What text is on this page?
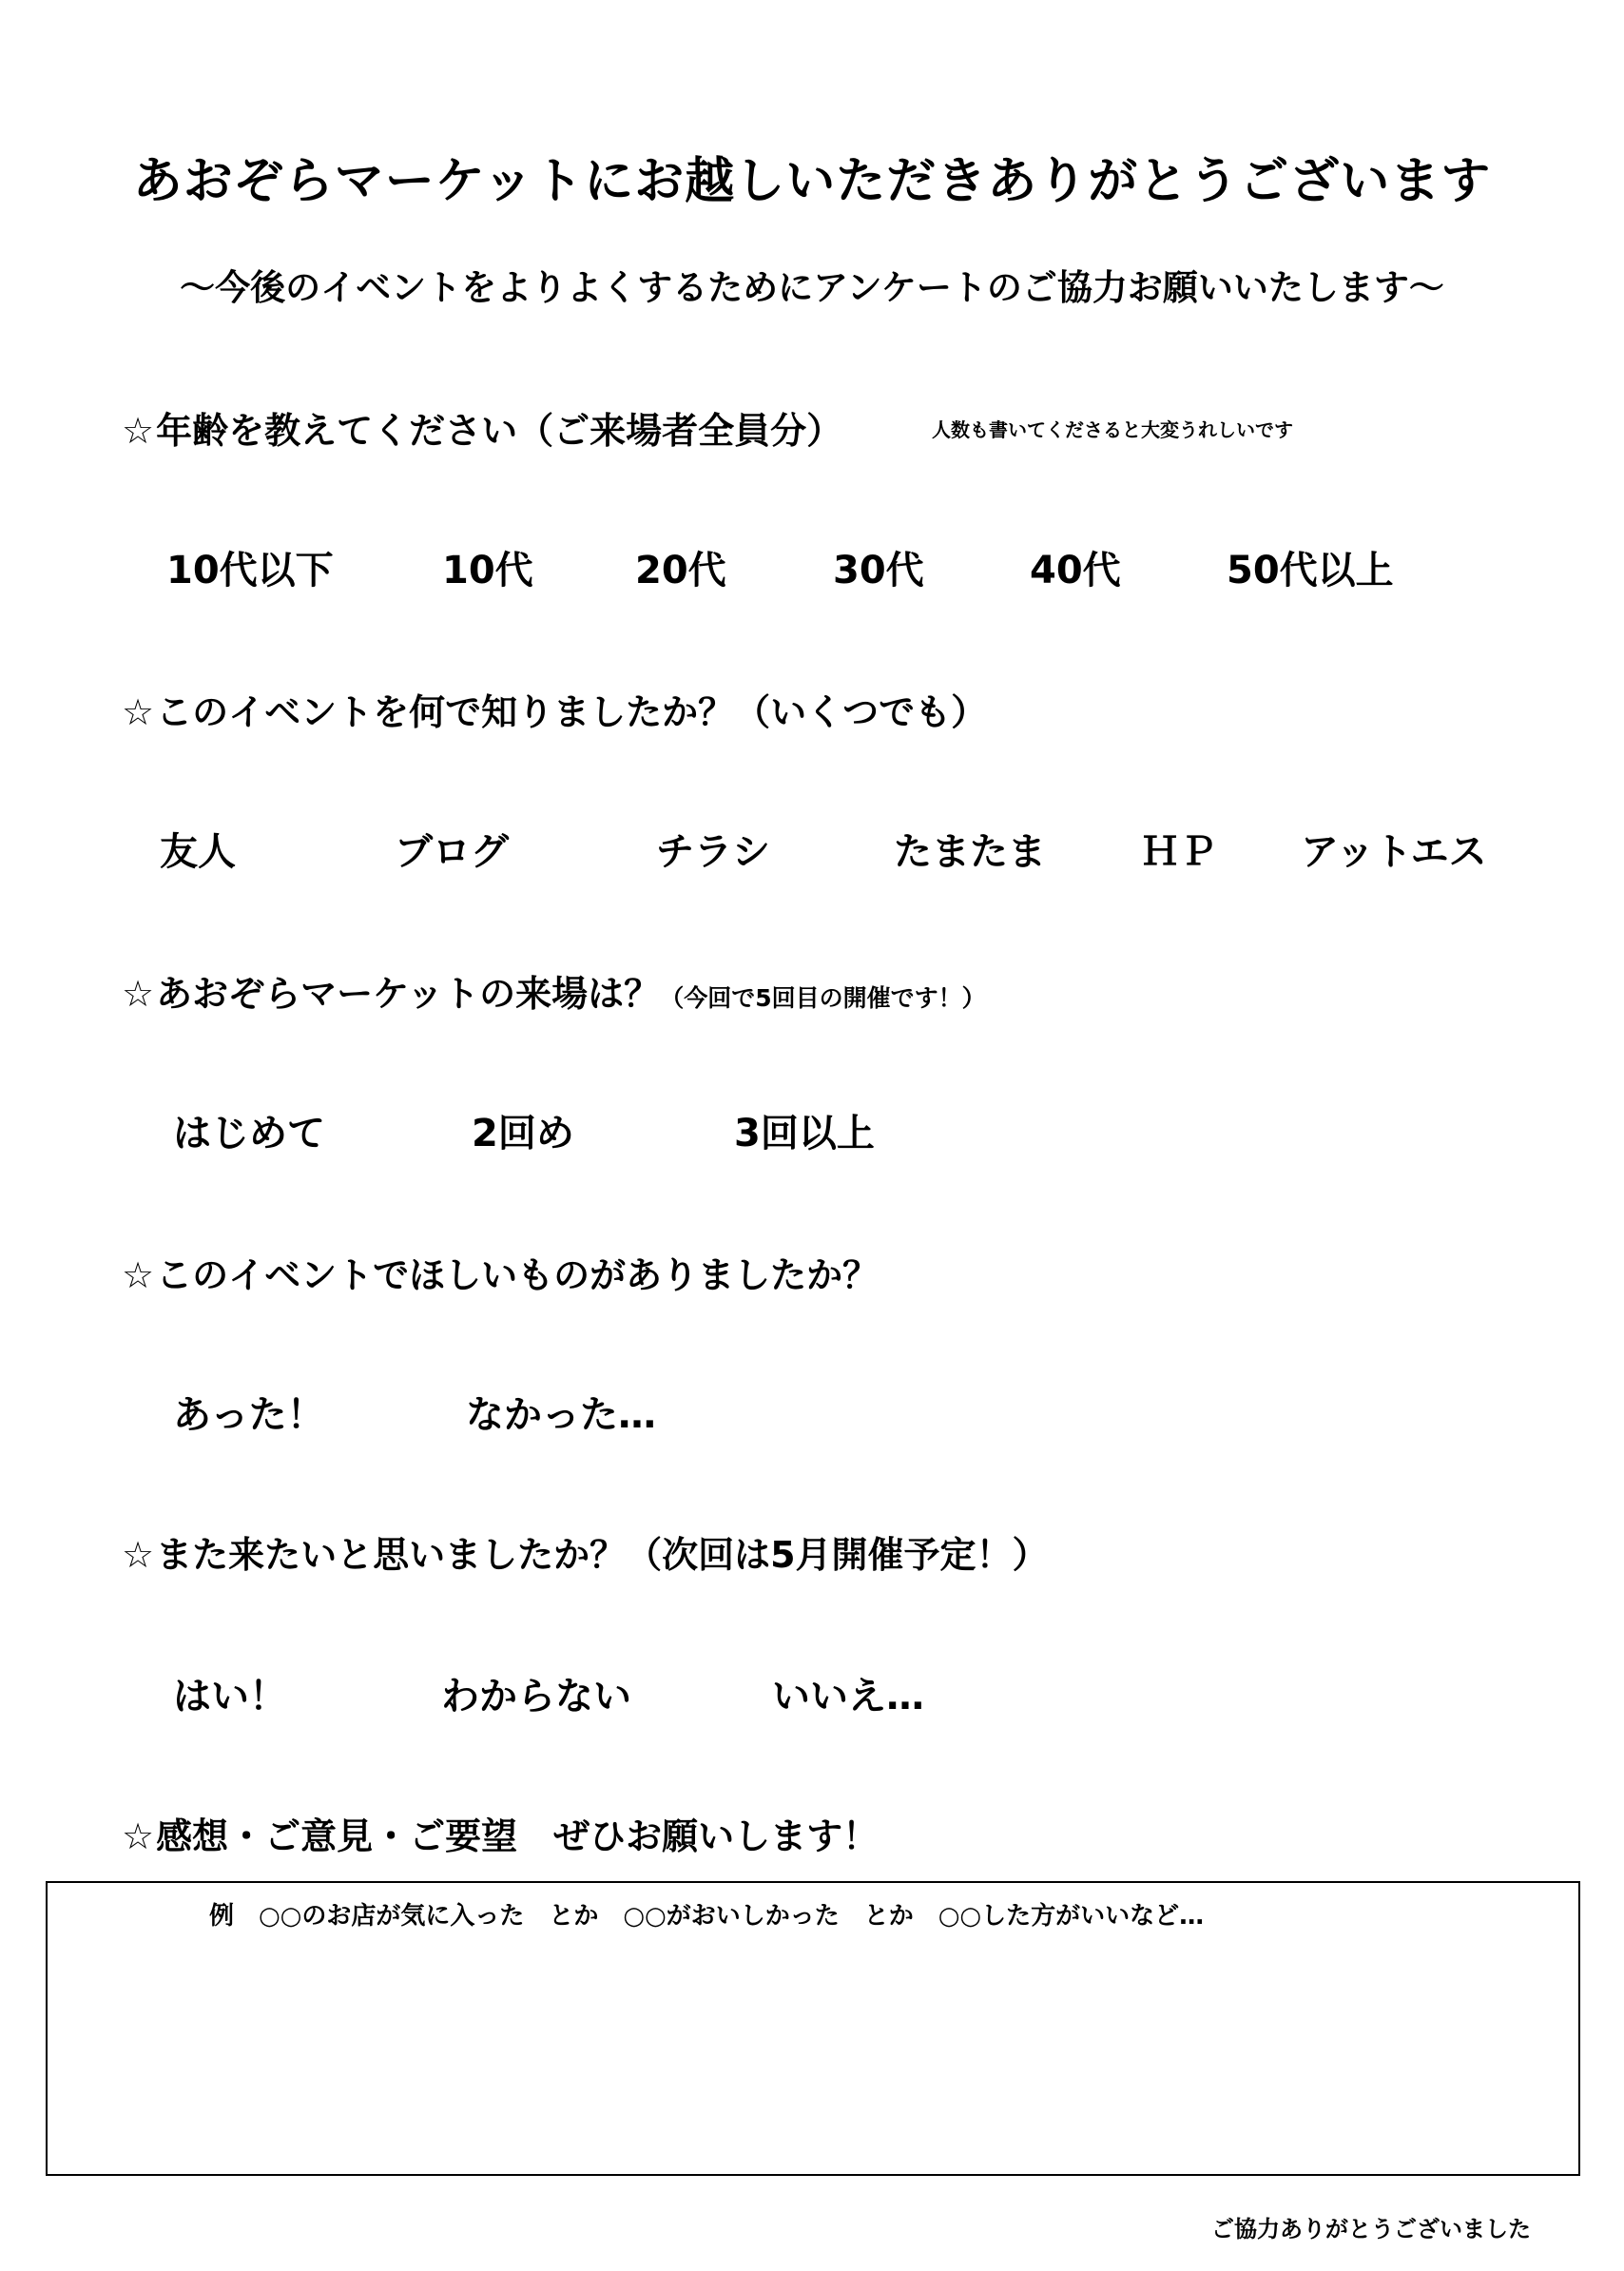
あおぞらマーケットにお越しいただきありがとうございます
～今後のイベントをよりよくするためにアンケートのご協力お願いいたします～
☆年齢を教えてください（ご来場者全員分）	人数も書いてくださると大変うれしいです
10代以下	10代	20代	30代	40代	50代以上
☆このイベントを何で知りましたか？（いくつでも）
友人	ブログ	チラシ	たまたま	ＨＰ アットエス
☆あおぞらマーケットの来場は？（今回で5回目の開催です！）
はじめて	2回め	3回以上
☆このイベントでほしいものがありましたか？
あった！	なかった…
☆また来たいと思いましたか？（次回は5月開催予定！）
はい！	わからない	いいえ…
☆感想・ご意見・ご要望　ぜひお願いします！
例　○○のお店が気に入った　とか　○○がおいしかった　とか　○○した方がいいなど…
ご協力ありがとうございました
